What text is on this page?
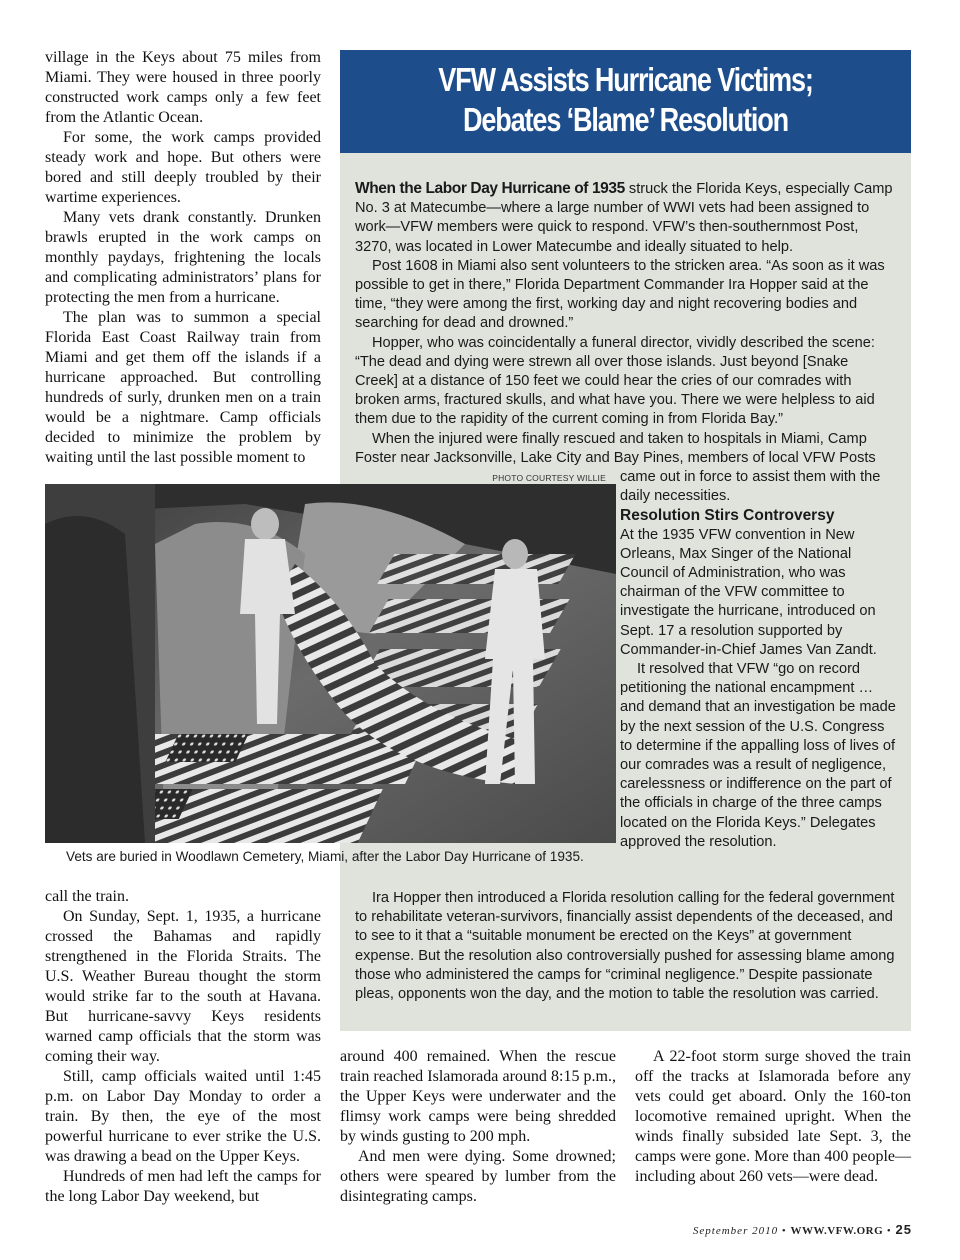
village in the Keys about 75 miles from Miami. They were housed in three poorly constructed work camps only a few feet from the Atlantic Ocean.

For some, the work camps provided steady work and hope. But others were bored and still deeply troubled by their wartime experiences.

Many vets drank constantly. Drunken brawls erupted in the work camps on monthly paydays, frightening the locals and complicating administrators’ plans for protecting the men from a hurricane.

The plan was to summon a special Florida East Coast Railway train from Miami and get them off the islands if a hurricane approached. But controlling hundreds of surly, drunken men on a train would be a nightmare. Camp officials decided to minimize the problem by waiting until the last possible moment to

VFW Assists Hurricane Victims;
Debates ‘Blame’ Resolution

When the Labor Day Hurricane of 1935 struck the Florida Keys, especially Camp No. 3 at Matecumbe—where a large number of WWI vets had been assigned to work—VFW members were quick to respond. VFW’s then-southernmost Post, 3270, was located in Lower Matecumbe and ideally situated to help.

Post 1608 in Miami also sent volunteers to the stricken area. “As soon as it was possible to get in there,” Florida Department Commander Ira Hopper said at the time, “they were among the first, working day and night recovering bodies and searching for dead and drowned.”

Hopper, who was coincidentally a funeral director, vividly described the scene: “The dead and dying were strewn all over those islands. Just beyond [Snake Creek] at a distance of 150 feet we could hear the cries of our comrades with broken arms, fractured skulls, and what have you. There we were helpless to aid them due to the rapidity of the current coming in from Florida Bay.”

When the injured were finally rescued and taken to hospitals in Miami, Camp Foster near Jacksonville, Lake City and Bay Pines, members of local VFW Posts

came out in force to assist them with the daily necessities.

Resolution Stirs Controversy

At the 1935 VFW convention in New Orleans, Max Singer of the National Council of Administration, who was chairman of the VFW committee to investigate the hurricane, introduced on Sept. 17 a resolution supported by Commander-in-Chief James Van Zandt.

It resolved that VFW “go on record petitioning the national encampment … and demand that an investigation be made by the next session of the U.S. Congress to determine if the appalling loss of lives of our comrades was a result of negligence, carelessness or indifference on the part of the officials in charge of the three camps located on the Florida Keys.” Delegates approved the resolution.

Ira Hopper then introduced a Florida resolution calling for the federal government to rehabilitate veteran-survivors, financially assist dependents of the deceased, and to see to it that a “suitable monument be erected on the Keys” at government expense. But the resolution also controversially pushed for assessing blame among those who administered the camps for “criminal negligence.” Despite passionate pleas, opponents won the day, and the motion to table the resolution was carried.

PHOTO COURTESY WILLIE
Vets are buried in Woodlawn Cemetery, Miami, after the Labor Day Hurricane of 1935.

call the train.

On Sunday, Sept. 1, 1935, a hurricane crossed the Bahamas and rapidly strengthened in the Florida Straits. The U.S. Weather Bureau thought the storm would strike far to the south at Havana. But hurricane-savvy Keys residents warned camp officials that the storm was coming their way.

Still, camp officials waited until 1:45 p.m. on Labor Day Monday to order a train. By then, the eye of the most powerful hurricane to ever strike the U.S. was drawing a bead on the Upper Keys.

Hundreds of men had left the camps for the long Labor Day weekend, but

around 400 remained. When the rescue train reached Islamorada around 8:15 p.m., the Upper Keys were underwater and the flimsy work camps were being shredded by winds gusting to 200 mph.

And men were dying. Some drowned; others were speared by lumber from the disintegrating camps.

A 22-foot storm surge shoved the train off the tracks at Islamorada before any vets could get aboard. Only the 160-ton locomotive remained upright. When the winds finally subsided late Sept. 3, the camps were gone. More than 400 people—including about 260 vets—were dead.

September 2010 • WWW.VFW.ORG • 25
